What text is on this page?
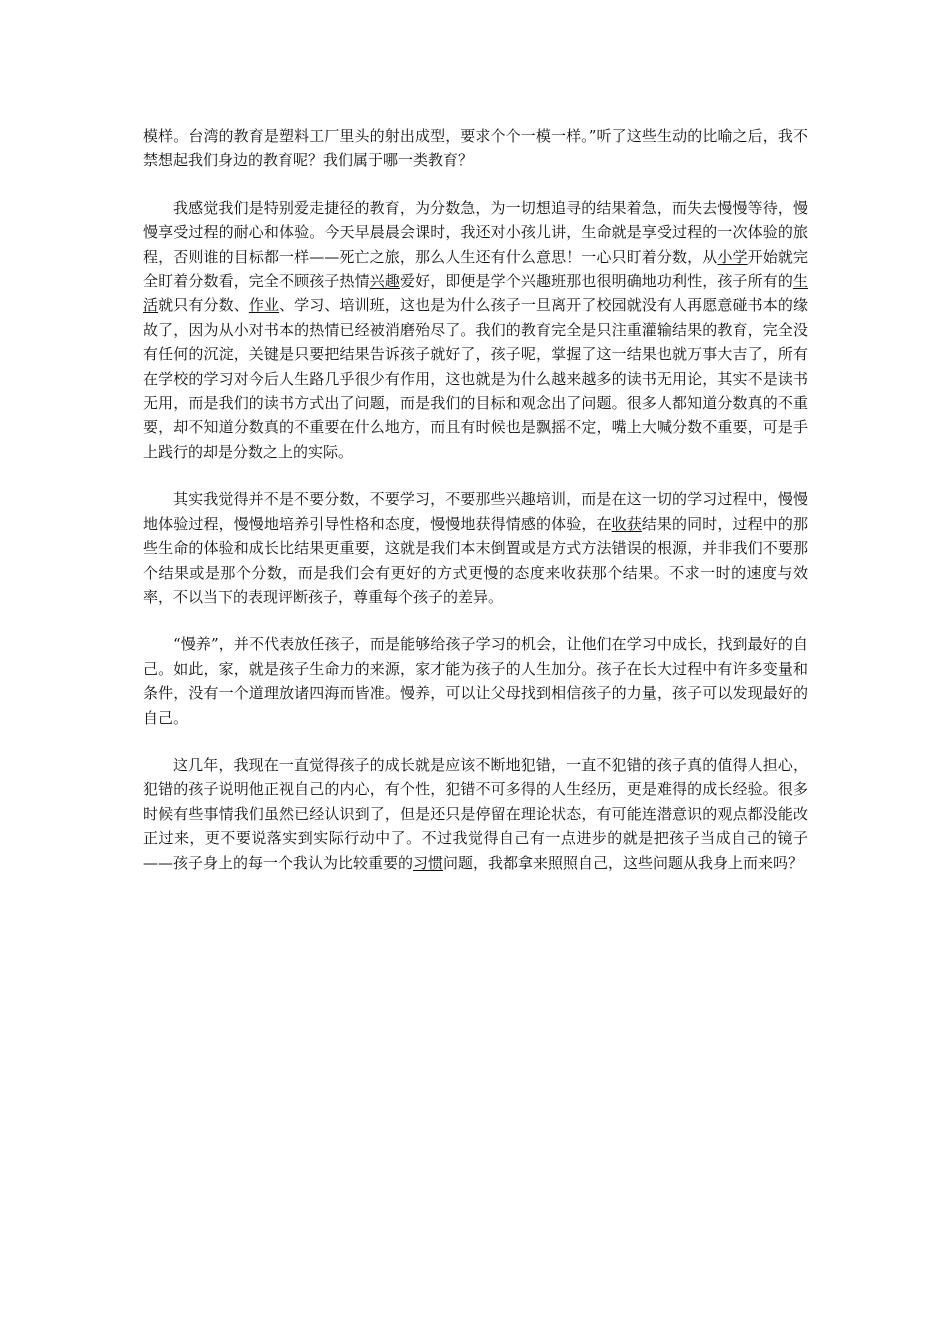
模样。台湾的教育是塑料工厂里头的射出成型，要求个个一模一样。”听了这些生动的比喻之后，我不禁想起我们身边的教育呢？我们属于哪一类教育？

我感觉我们是特别爱走捷径的教育，为分数急，为一切想追寻的结果着急，而失去慢慢等待，慢慢享受过程的耐心和体验。今天早晨晨会课时，我还对小孩儿讲，生命就是享受过程的一次体验的旅程，否则谁的目标都一样——死亡之旅，那么人生还有什么意思！一心只盯着分数，从小学开始就完全盯着分数看，完全不顾孩子热情兴趣爱好，即便是学个兴趣班那也很明确地功利性，孩子所有的生活就只有分数、作业、学习、培训班，这也是为什么孩子一旦离开了校园就没有人再愿意碰书本的缘故了，因为从小对书本的热情已经被消磨殆尽了。我们的教育完全是只注重灌输结果的教育，完全没有任何的沉淀，关键是只要把结果告诉孩子就好了，孩子呢，掌握了这一结果也就万事大吉了，所有在学校的学习对今后人生路几乎很少有作用，这也就是为什么越来越多的读书无用论，其实不是读书无用，而是我们的读书方式出了问题，而是我们的目标和观念出了问题。很多人都知道分数真的不重要，却不知道分数真的不重要在什么地方，而且有时候也是飘摇不定，嘴上大喊分数不重要，可是手上践行的却是分数之上的实际。

其实我觉得并不是不要分数，不要学习，不要那些兴趣培训，而是在这一切的学习过程中，慢慢地体验过程，慢慢地培养引导性格和态度，慢慢地获得情感的体验，在收获结果的同时，过程中的那些生命的体验和成长比结果更重要，这就是我们本末倒置或是方式方法错误的根源，并非我们不要那个结果或是那个分数，而是我们会有更好的方式更慢的态度来收获那个结果。不求一时的速度与效率，不以当下的表现评断孩子，尊重每个孩子的差异。

“慢养”，并不代表放任孩子，而是能够给孩子学习的机会，让他们在学习中成长，找到最好的自己。如此，家，就是孩子生命力的来源，家才能为孩子的人生加分。孩子在长大过程中有许多变量和条件，没有一个道理放诸四海而皆准。慢养，可以让父母找到相信孩子的力量，孩子可以发现最好的自己。

这几年，我现在一直觉得孩子的成长就是应该不断地犯错，一直不犯错的孩子真的值得人担心，犯错的孩子说明他正视自己的内心，有个性，犯错不可多得的人生经历，更是难得的成长经验。很多时候有些事情我们虽然已经认识到了，但是还只是停留在理论状态，有可能连潜意识的观点都没能改正过来，更不要说落实到实际行动中了。不过我觉得自己有一点进步的就是把孩子当成自己的镜子——孩子身上的每一个我认为比较重要的习惯问题，我都拿来照照自己，这些问题从我身上而来吗？
